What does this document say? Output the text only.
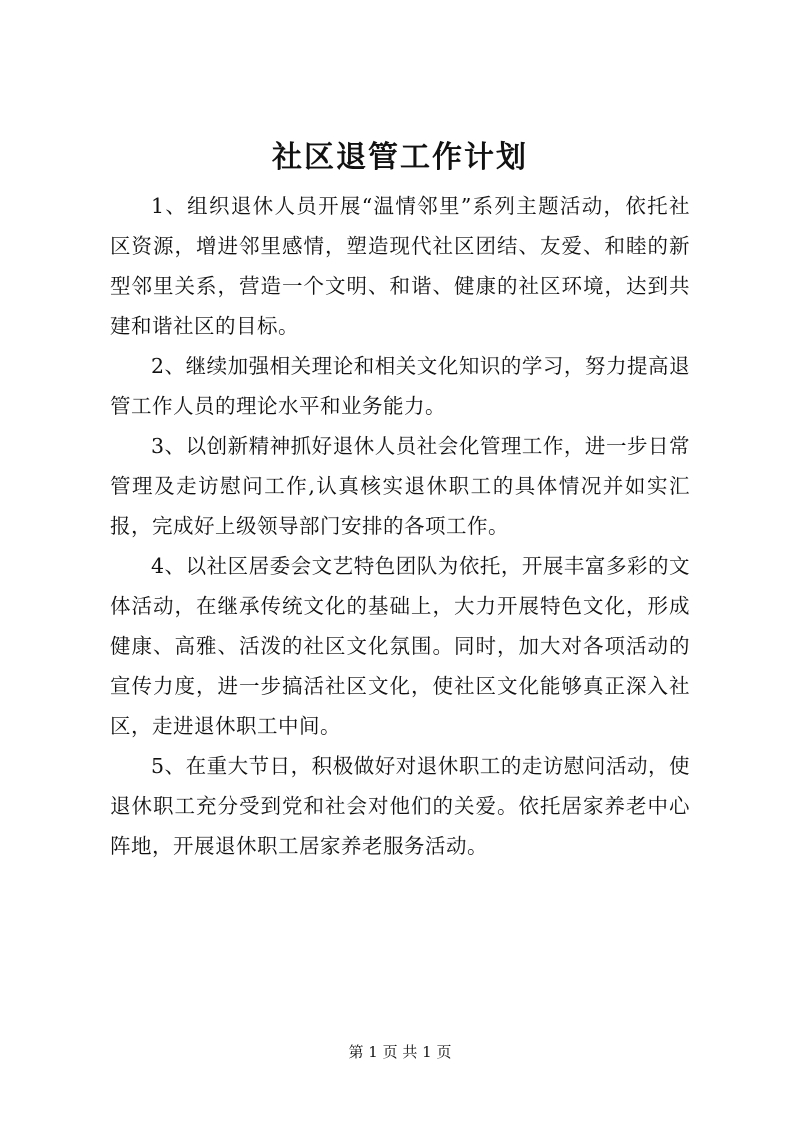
社区退管工作计划

1、组织退休人员开展“温情邻里”系列主题活动，依托社区资源，增进邻里感情，塑造现代社区团结、友爱、和睦的新型邻里关系，营造一个文明、和谐、健康的社区环境，达到共建和谐社区的目标。

2、继续加强相关理论和相关文化知识的学习，努力提高退管工作人员的理论水平和业务能力。

3、以创新精神抓好退休人员社会化管理工作，进一步日常管理及走访慰问工作,认真核实退休职工的具体情况并如实汇报，完成好上级领导部门安排的各项工作。

4、以社区居委会文艺特色团队为依托，开展丰富多彩的文体活动，在继承传统文化的基础上，大力开展特色文化，形成健康、高雅、活泼的社区文化氛围。同时，加大对各项活动的宣传力度，进一步搞活社区文化，使社区文化能够真正深入社区，走进退休职工中间。

5、在重大节日，积极做好对退休职工的走访慰问活动，使退休职工充分受到党和社会对他们的关爱。依托居家养老中心阵地，开展退休职工居家养老服务活动。

第 1 页 共 1 页
